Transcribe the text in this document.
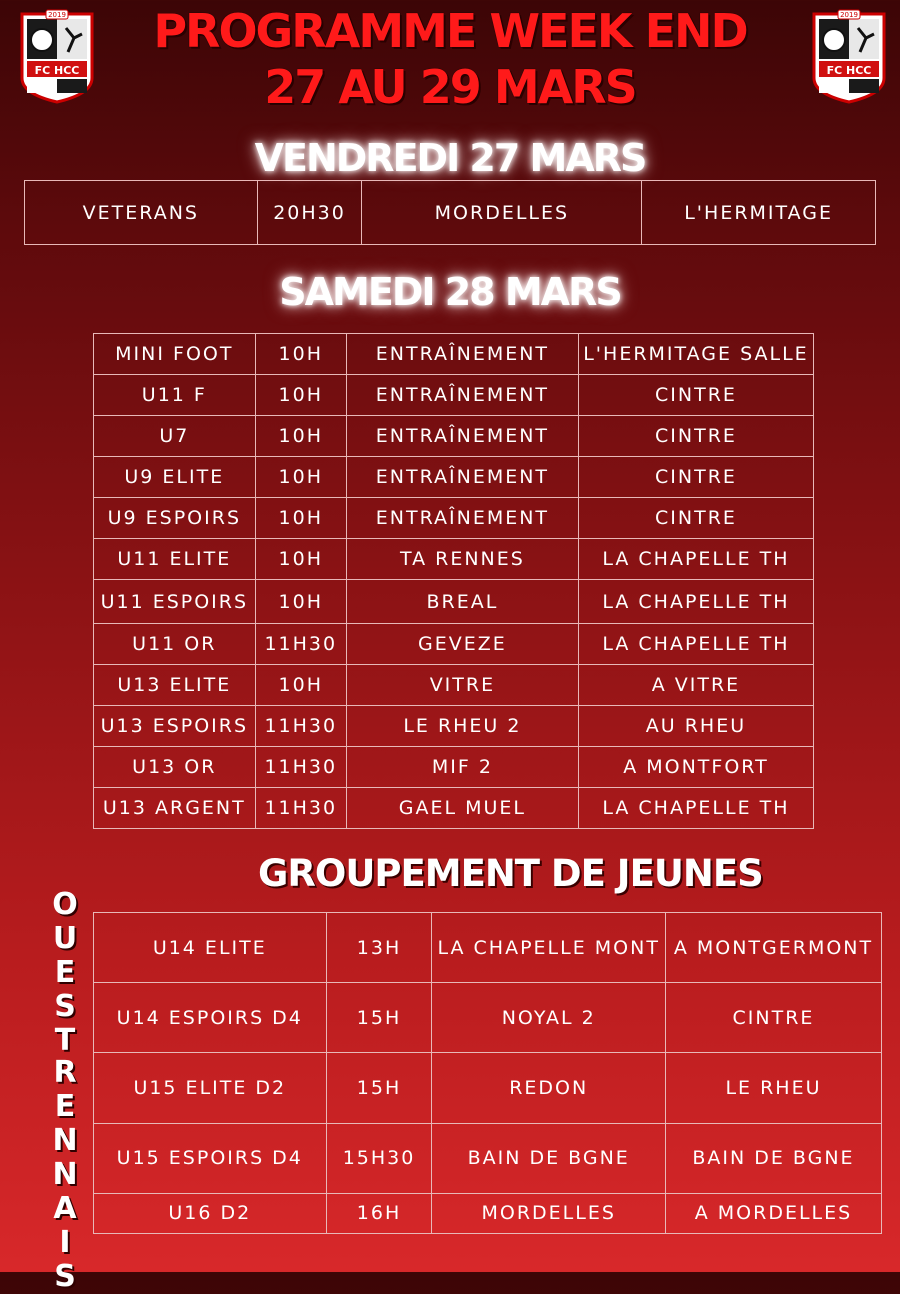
FC HCC
2019
FC HCC
2019
PROGRAMME WEEK END
27 AU 29 MARS
VENDREDI 27 MARS
VETERANS	20H30	MORDELLES	L'HERMITAGE
SAMEDI 28 MARS
MINI FOOT	10H	ENTRAÎNEMENT	L'HERMITAGE SALLE
U11 F	10H	ENTRAÎNEMENT	CINTRE
U7	10H	ENTRAÎNEMENT	CINTRE
U9 ELITE	10H	ENTRAÎNEMENT	CINTRE
U9 ESPOIRS	10H	ENTRAÎNEMENT	CINTRE
U11 ELITE	10H	TA RENNES	LA CHAPELLE TH
U11 ESPOIRS	10H	BREAL	LA CHAPELLE TH
U11 OR	11H30	GEVEZE	LA CHAPELLE TH
U13 ELITE	10H	VITRE	A VITRE
U13 ESPOIRS	11H30	LE RHEU 2	AU RHEU
U13 OR	11H30	MIF 2	A MONTFORT
U13 ARGENT	11H30	GAEL MUEL	LA CHAPELLE TH
GROUPEMENT DE JEUNES
OUEST
RENNAIS
U14 ELITE	13H	LA CHAPELLE MONT	A MONTGERMONT
U14 ESPOIRS D4	15H	NOYAL 2	CINTRE
U15 ELITE D2	15H	REDON	LE RHEU
U15 ESPOIRS D4	15H30	BAIN DE BGNE	BAIN DE BGNE
U16 D2	16H	MORDELLES	A MORDELLES
